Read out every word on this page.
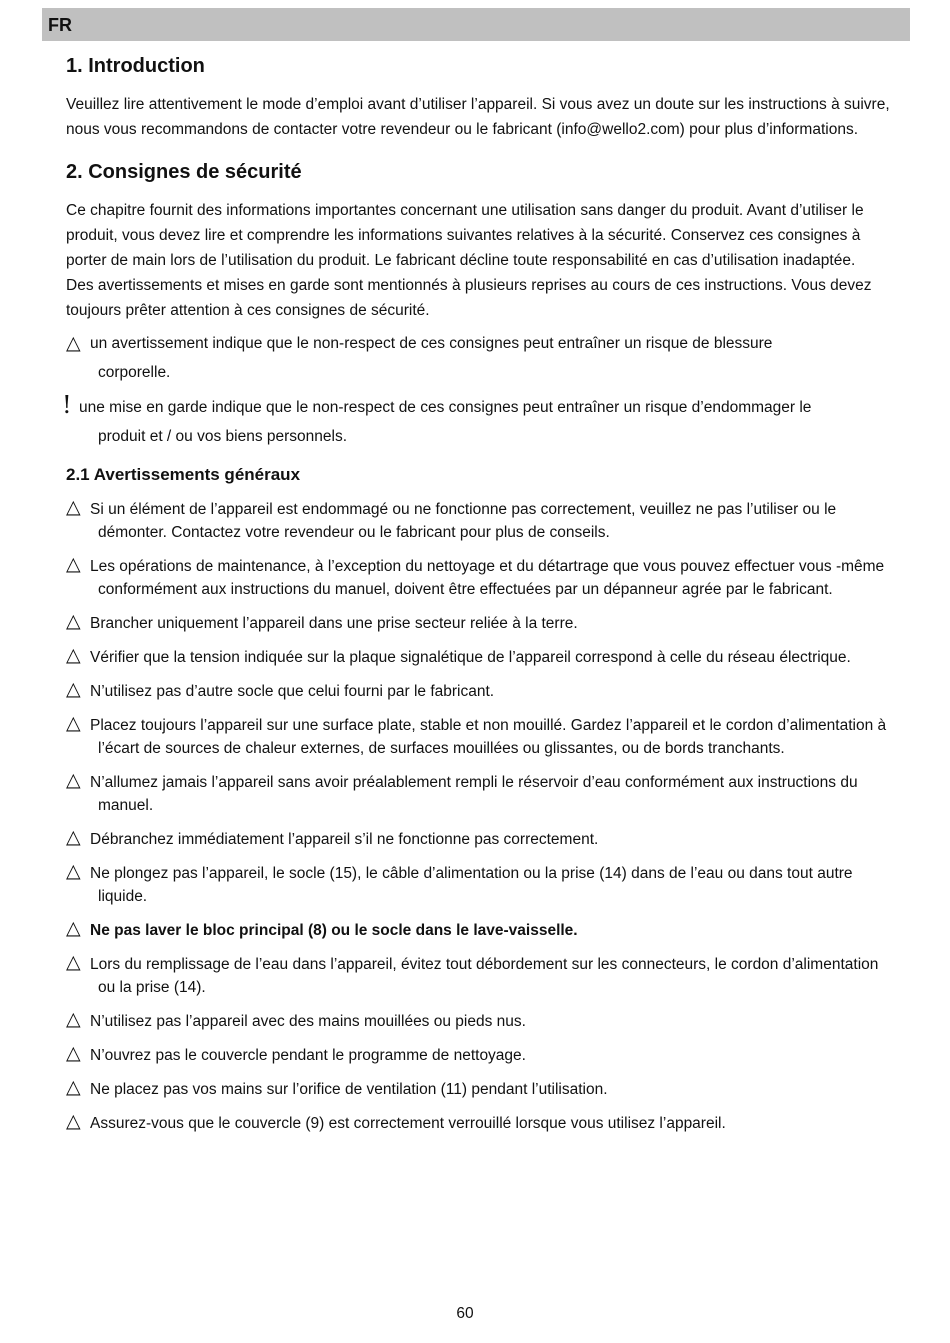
FR
1. Introduction

Veuillez lire attentivement le mode d’emploi avant d’utiliser l’appareil. Si vous avez un doute sur les instructions à suivre, nous vous recommandons de contacter votre revendeur ou le fabricant (info@wello2.com) pour plus d’informations.

2. Consignes de sécurité

Ce chapitre fournit des informations importantes concernant une utilisation sans danger du produit. Avant d’utiliser le produit, vous devez lire et comprendre les informations suivantes relatives à la sécurité. Conservez ces consignes à porter de main lors de l’utilisation du produit. Le fabricant décline toute responsabilité en cas d’utilisation inadaptée.

Des avertissements et mises en garde sont mentionnés à plusieurs reprises au cours de ces instructions. Vous devez toujours prêter attention à ces consignes de sécurité.

△ un avertissement indique que le non-respect de ces consignes peut entraîner un risque de blessure
corporelle.
! une mise en garde indique que le non-respect de ces consignes peut entraîner un risque d’endommager le
produit et / ou vos biens personnels.
2.1 Avertissements généraux
△ Si un élément de l’appareil est endommagé ou ne fonctionne pas correctement, veuillez ne pas l’utiliser ou le démonter. Contactez votre revendeur ou le fabricant pour plus de conseils.
△ Les opérations de maintenance, à l’exception du nettoyage et du détartrage que vous pouvez effectuer vous -même conformément aux instructions du manuel, doivent être effectuées par un dépanneur agrée par le fabricant.
△ Brancher uniquement l’appareil dans une prise secteur reliée à la terre.
△ Vérifier que la tension indiquée sur la plaque signalétique de l’appareil correspond à celle du réseau électrique.
△ N’utilisez pas d’autre socle que celui fourni par le fabricant.
△ Placez toujours l’appareil sur une surface plate, stable et non mouillé. Gardez l’appareil et le cordon d’alimentation à l’écart de sources de chaleur externes, de surfaces mouillées ou glissantes, ou de bords tranchants.
△ N’allumez jamais l’appareil sans avoir préalablement rempli le réservoir d’eau conformément aux instructions du manuel.
△ Débranchez immédiatement l’appareil s’il ne fonctionne pas correctement.
△ Ne plongez pas l’appareil, le socle (15), le câble d’alimentation ou la prise (14) dans de l’eau ou dans tout autre liquide.
△ Ne pas laver le bloc principal (8) ou le socle dans le lave-vaisselle.
△ Lors du remplissage de l’eau dans l’appareil, évitez tout débordement sur les connecteurs, le cordon d’alimentation ou la prise (14).
△ N’utilisez pas l’appareil avec des mains mouillées ou pieds nus.
△ N’ouvrez pas le couvercle pendant le programme de nettoyage.
△ Ne placez pas vos mains sur l’orifice de ventilation (11) pendant l’utilisation.
△ Assurez-vous que le couvercle (9) est correctement verrouillé lorsque vous utilisez l’appareil.
60
